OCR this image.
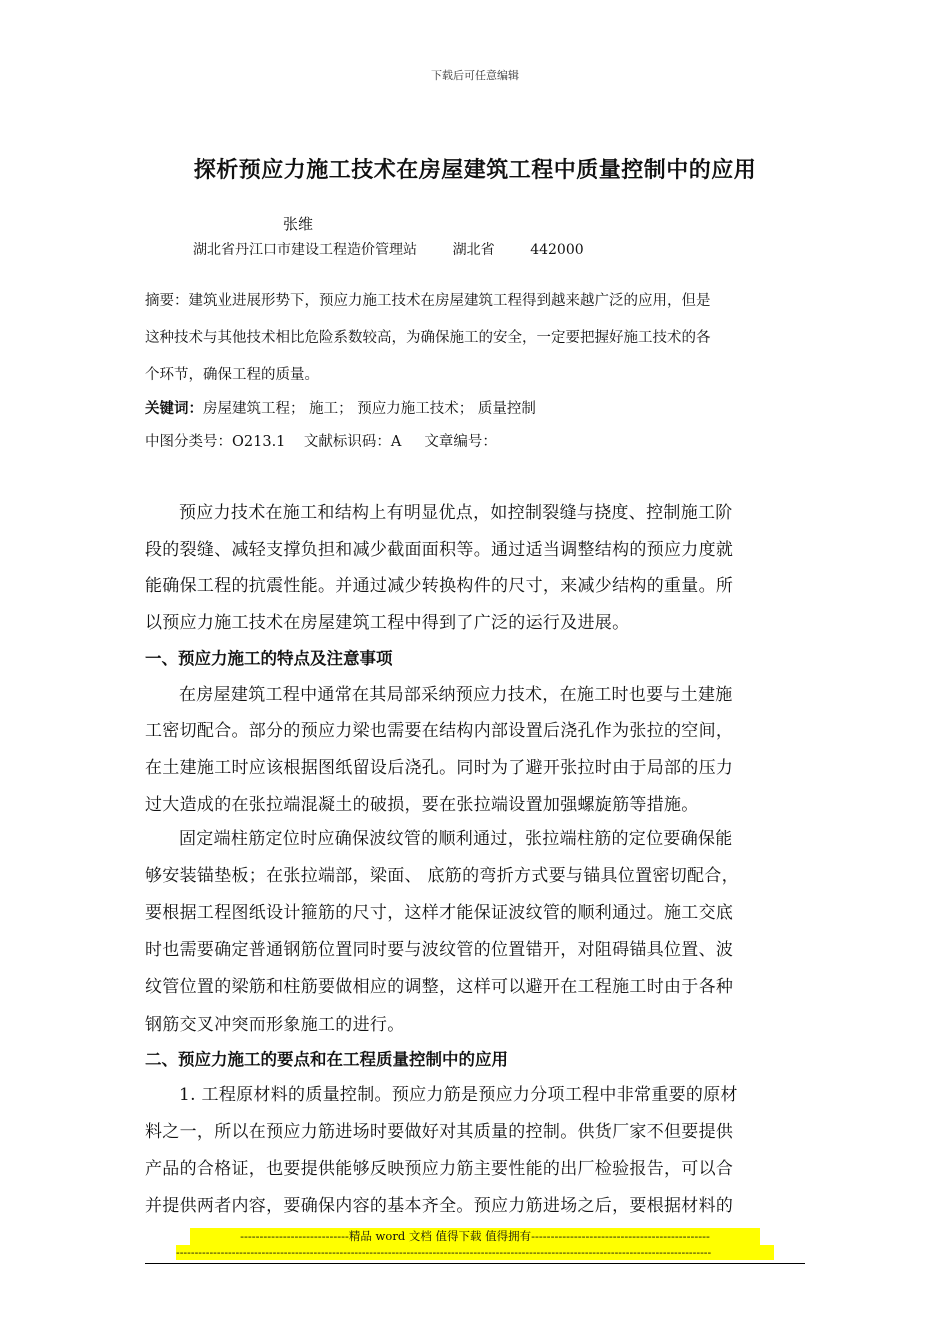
下载后可任意编辑
探析预应力施工技术在房屋建筑工程中质量控制中的应用
张维
湖北省丹江口市建设工程造价管理站        湖北省        442000
摘要：建筑业进展形势下，预应力施工技术在房屋建筑工程得到越来越广泛的应用，但是
这种技术与其他技术相比危险系数较高，为确保施工的安全，一定要把握好施工技术的各
个环节，确保工程的质量。
关键词：房屋建筑工程； 施工； 预应力施工技术； 质量控制
中图分类号：O213.1    文献标识码：A     文章编号：
预应力技术在施工和结构上有明显优点，如控制裂缝与挠度、控制施工阶
段的裂缝、减轻支撑负担和减少截面面积等。通过适当调整结构的预应力度就
能确保工程的抗震性能。并通过减少转换构件的尺寸，来减少结构的重量。所
以预应力施工技术在房屋建筑工程中得到了广泛的运行及进展。
一、预应力施工的特点及注意事项
在房屋建筑工程中通常在其局部采纳预应力技术，在施工时也要与土建施
工密切配合。部分的预应力梁也需要在结构内部设置后浇孔作为张拉的空间，
在土建施工时应该根据图纸留设后浇孔。同时为了避开张拉时由于局部的压力
过大造成的在张拉端混凝土的破损，要在张拉端设置加强螺旋筋等措施。
固定端柱筋定位时应确保波纹管的顺利通过，张拉端柱筋的定位要确保能
够安装锚垫板；在张拉端部，梁面、 底筋的弯折方式要与锚具位置密切配合，
要根据工程图纸设计箍筋的尺寸，这样才能保证波纹管的顺利通过。施工交底
时也需要确定普通钢筋位置同时要与波纹管的位置错开，对阻碍锚具位置、波
纹管位置的梁筋和柱筋要做相应的调整，这样可以避开在工程施工时由于各种
钢筋交叉冲突而形象施工的进行。
二、预应力施工的要点和在工程质量控制中的应用
1. 工程原材料的质量控制。预应力筋是预应力分项工程中非常重要的原材
料之一，所以在预应力筋进场时要做好对其质量的控制。供货厂家不但要提供
产品的合格证，也要提供能够反映预应力筋主要性能的出厂检验报告，可以合
并提供两者内容，要确保内容的基本齐全。预应力筋进场之后，要根据材料的
----------------------------精品 word 文档 值得下载 值得拥有----------------------------------------------
------------------------------------------------------------------------------------------------------------------------------------------------
